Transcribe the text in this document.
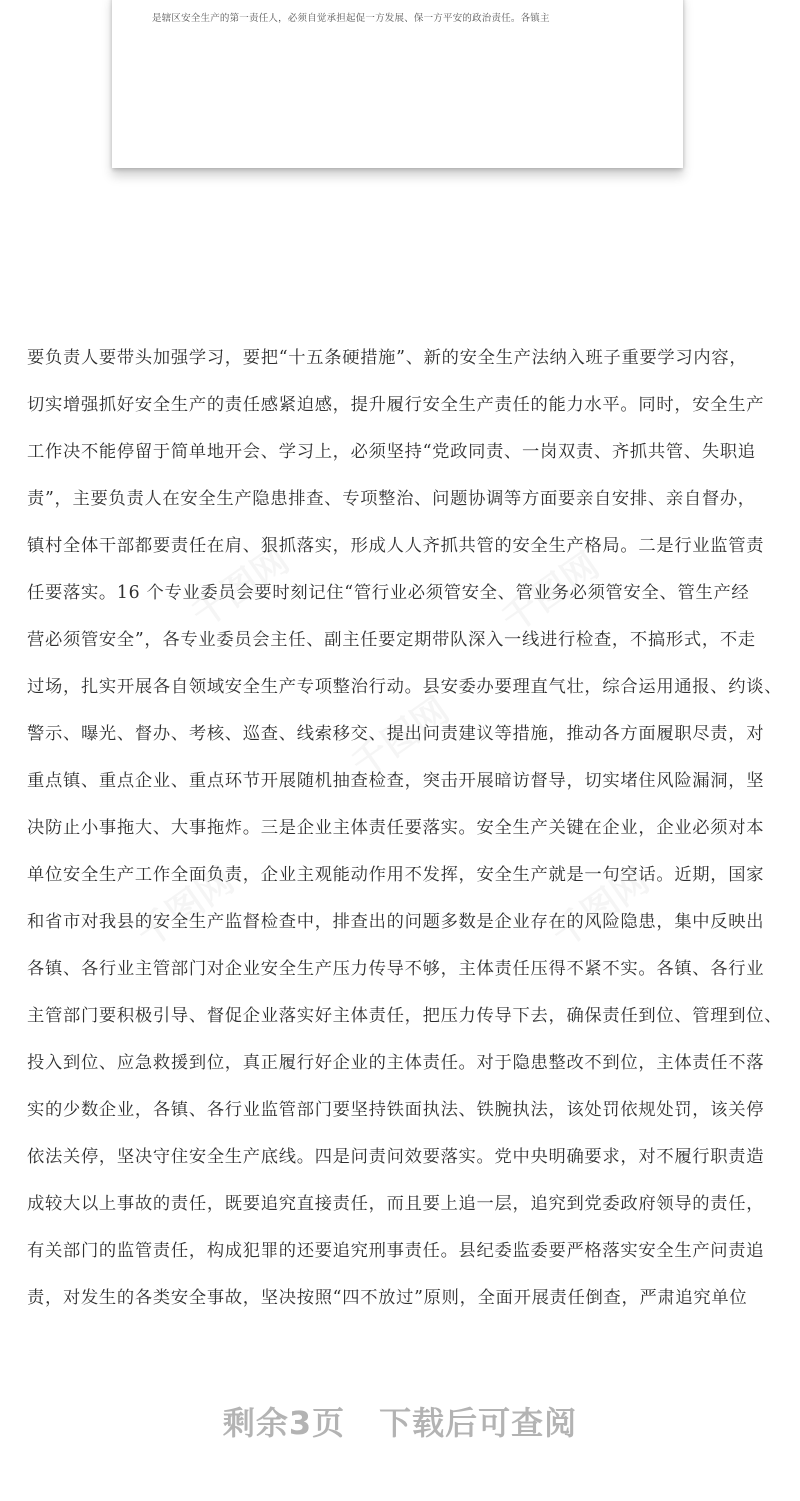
是辖区安全生产的第一责任人，必须自觉承担起促一方发展、保一方平安的政治责任。各镇主
千图网	千图网
千图网
千图网	千图网
要负责人要带头加强学习，要把“十五条硬措施”、新的安全生产法纳入班子重要学习内容，
切实增强抓好安全生产的责任感紧迫感，提升履行安全生产责任的能力水平。同时，安全生产
工作决不能停留于简单地开会、学习上，必须坚持“党政同责、一岗双责、齐抓共管、失职追
责”，主要负责人在安全生产隐患排查、专项整治、问题协调等方面要亲自安排、亲自督办，
镇村全体干部都要责任在肩、狠抓落实，形成人人齐抓共管的安全生产格局。二是行业监管责
任要落实。16 个专业委员会要时刻记住“管行业必须管安全、管业务必须管安全、管生产经
营必须管安全”，各专业委员会主任、副主任要定期带队深入一线进行检查，不搞形式，不走
过场，扎实开展各自领域安全生产专项整治行动。县安委办要理直气壮，综合运用通报、约谈、
警示、曝光、督办、考核、巡查、线索移交、提出问责建议等措施，推动各方面履职尽责，对
重点镇、重点企业、重点环节开展随机抽查检查，突击开展暗访督导，切实堵住风险漏洞，坚
决防止小事拖大、大事拖炸。三是企业主体责任要落实。安全生产关键在企业，企业必须对本
单位安全生产工作全面负责，企业主观能动作用不发挥，安全生产就是一句空话。近期，国家
和省市对我县的安全生产监督检查中，排查出的问题多数是企业存在的风险隐患，集中反映出
各镇、各行业主管部门对企业安全生产压力传导不够，主体责任压得不紧不实。各镇、各行业
主管部门要积极引导、督促企业落实好主体责任，把压力传导下去，确保责任到位、管理到位、
投入到位、应急救援到位，真正履行好企业的主体责任。对于隐患整改不到位，主体责任不落
实的少数企业，各镇、各行业监管部门要坚持铁面执法、铁腕执法，该处罚依规处罚，该关停
依法关停，坚决守住安全生产底线。四是问责问效要落实。党中央明确要求，对不履行职责造
成较大以上事故的责任，既要追究直接责任，而且要上追一层，追究到党委政府领导的责任，
有关部门的监管责任，构成犯罪的还要追究刑事责任。县纪委监委要严格落实安全生产问责追
责，对发生的各类安全事故，坚决按照“四不放过”原则，全面开展责任倒查，严肃追究单位
剩余3页 下载后可查阅
